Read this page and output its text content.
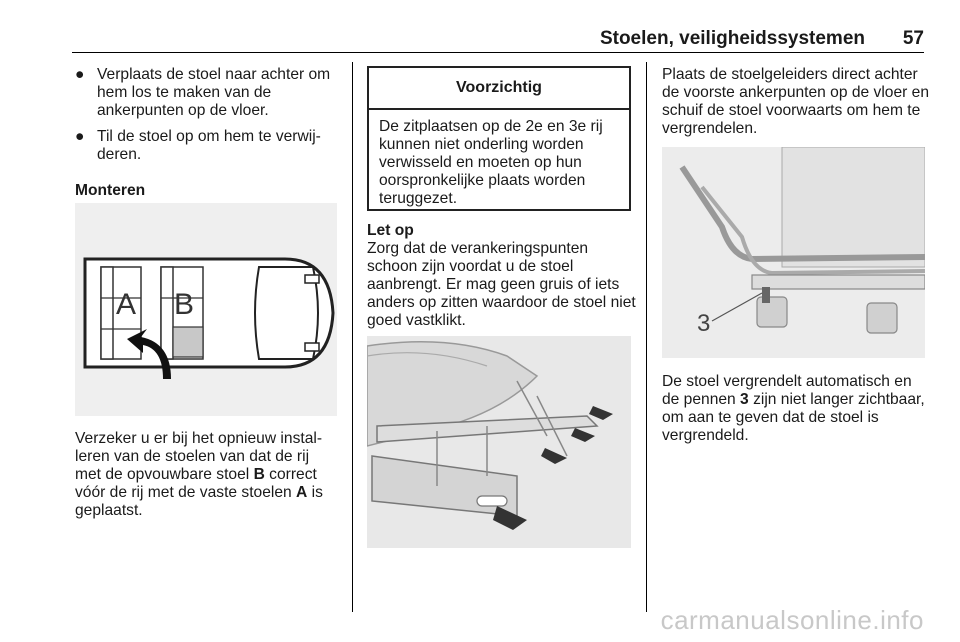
Stoelen, veiligheidssystemen 57
● Verplaats de stoel naar achter om hem los te maken van de ankerpunten op de vloer.
● Til de stoel op om hem te verwij‐ deren.
Monteren
A B
Verzeker u er bij het opnieuw instal‐ leren van de stoelen van dat de rij met de opvouwbare stoel B correct vóór de rij met de vaste stoelen A is geplaatst.
Voorzichtig
De zitplaatsen op de 2e en 3e rij kunnen niet onderling worden verwisseld en moeten op hun oorspronkelijke plaats worden teruggezet.
Let op
Zorg dat de verankeringspunten schoon zijn voordat u de stoel aanbrengt. Er mag geen gruis of iets anders op zitten waardoor de stoel niet goed vastklikt.
Plaats de stoelgeleiders direct achter de voorste ankerpunten op de vloer en schuif de stoel voorwaarts om hem te vergrendelen.
3
De stoel vergrendelt automatisch en de pennen 3 zijn niet langer zichtbaar, om aan te geven dat de stoel is vergrendeld.
carmanualsonline.info
